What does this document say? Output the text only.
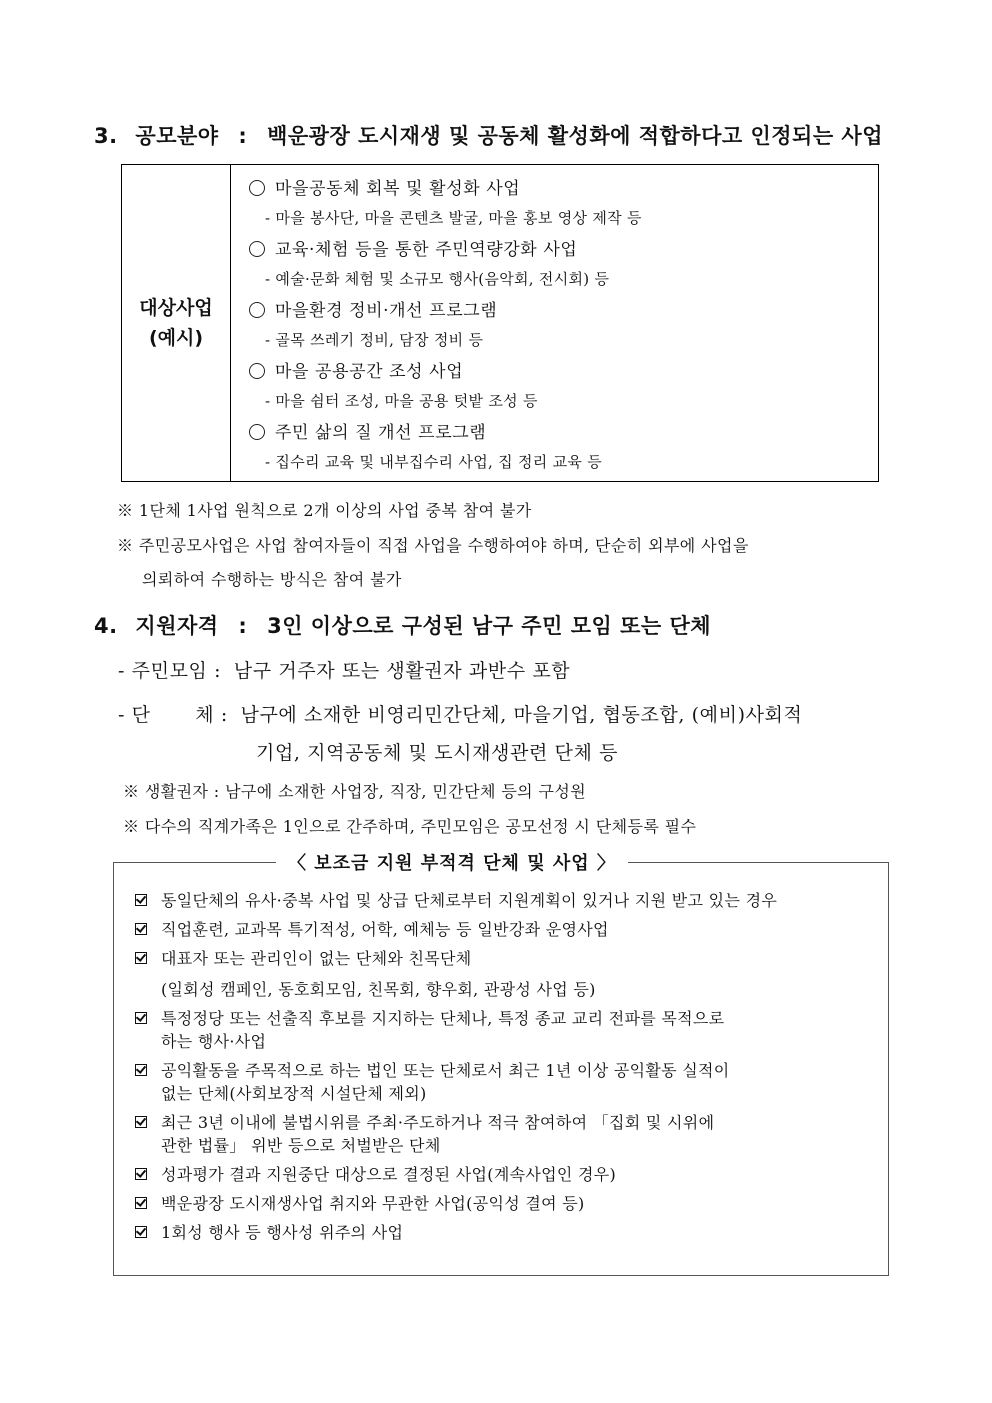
3. 공모분야 : 백운광장 도시재생 및 공동체 활성화에 적합하다고 인정되는 사업
대상사업
(예시)
마을공동체 회복 및 활성화 사업
- 마을 봉사단, 마을 콘텐츠 발굴, 마을 홍보 영상 제작 등
교육·체험 등을 통한 주민역량강화 사업
- 예술·문화 체험 및 소규모 행사(음악회, 전시회) 등
마을환경 정비·개선 프로그램
- 골목 쓰레기 정비, 담장 정비 등
마을 공용공간 조성 사업
- 마을 쉼터 조성, 마을 공용 텃밭 조성 등
주민 삶의 질 개선 프로그램
- 집수리 교육 및 내부집수리 사업, 집 정리 교육 등
※ 1단체 1사업 원칙으로 2개 이상의 사업 중복 참여 불가
※ 주민공모사업은 사업 참여자들이 직접 사업을 수행하여야 하며, 단순히 외부에 사업을
의뢰하여 수행하는 방식은 참여 불가
4. 지원자격 : 3인 이상으로 구성된 남구 주민 모임 또는 단체
- 주민모임 : 남구 거주자 또는 생활권자 과반수 포함
- 단 체 : 남구에 소재한 비영리민간단체, 마을기업, 협동조합, (예비)사회적
기업, 지역공동체 및 도시재생관련 단체 등
※ 생활권자 : 남구에 소재한 사업장, 직장, 민간단체 등의 구성원
※ 다수의 직계가족은 1인으로 간주하며, 주민모임은 공모선정 시 단체등록 필수
〈 보조금 지원 부적격 단체 및 사업 〉
동일단체의 유사·중복 사업 및 상급 단체로부터 지원계획이 있거나 지원 받고 있는 경우
직업훈련, 교과목 특기적성, 어학, 예체능 등 일반강좌 운영사업
대표자 또는 관리인이 없는 단체와 친목단체
(일회성 캠페인, 동호회모임, 친목회, 향우회, 관광성 사업 등)
특정정당 또는 선출직 후보를 지지하는 단체나, 특정 종교 교리 전파를 목적으로
하는 행사·사업
공익활동을 주목적으로 하는 법인 또는 단체로서 최근 1년 이상 공익활동 실적이
없는 단체(사회보장적 시설단체 제외)
최근 3년 이내에 불법시위를 주최·주도하거나 적극 참여하여 「집회 및 시위에
관한 법률」 위반 등으로 처벌받은 단체
성과평가 결과 지원중단 대상으로 결정된 사업(계속사업인 경우)
백운광장 도시재생사업 취지와 무관한 사업(공익성 결여 등)
1회성 행사 등 행사성 위주의 사업
